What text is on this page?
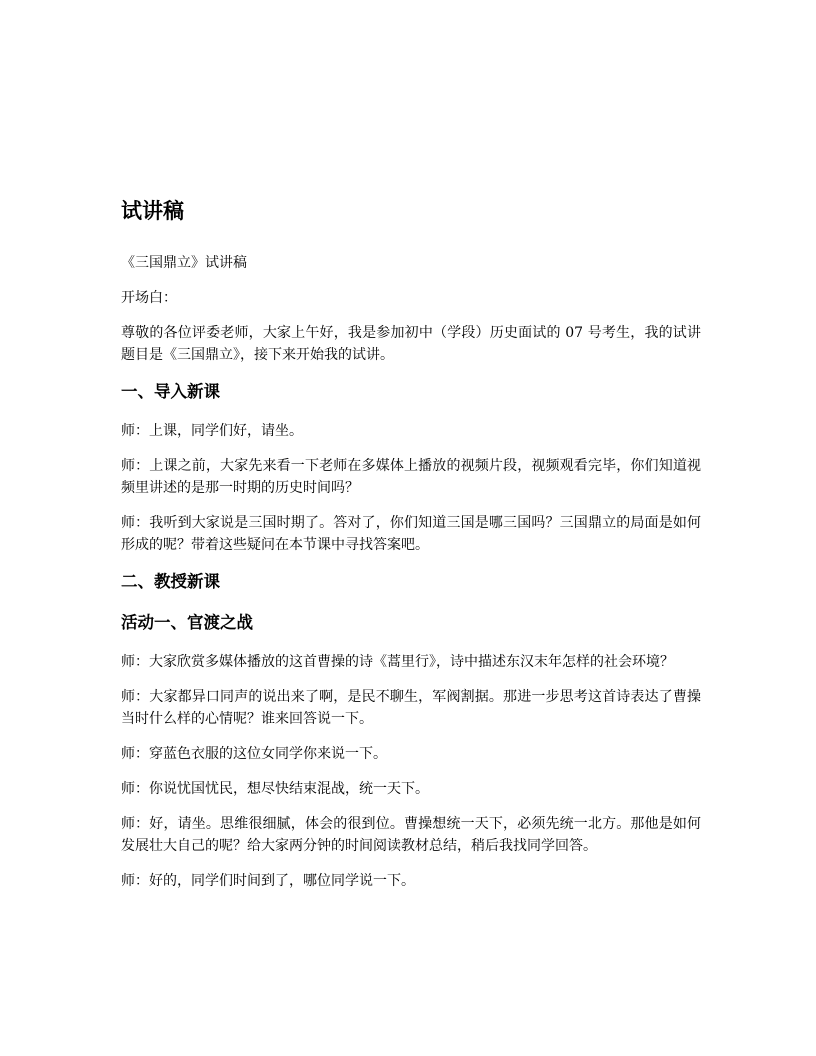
试讲稿

《三国鼎立》试讲稿

开场白：

尊敬的各位评委老师，大家上午好，我是参加初中（学段）历史面试的 07 号考生，我的试讲题目是《三国鼎立》，接下来开始我的试讲。

一、导入新课

师：上课，同学们好，请坐。

师：上课之前，大家先来看一下老师在多媒体上播放的视频片段，视频观看完毕，你们知道视频里讲述的是那一时期的历史时间吗？

师：我听到大家说是三国时期了。答对了，你们知道三国是哪三国吗？三国鼎立的局面是如何形成的呢？带着这些疑问在本节课中寻找答案吧。

二、教授新课
活动一、官渡之战

师：大家欣赏多媒体播放的这首曹操的诗《蒿里行》，诗中描述东汉末年怎样的社会环境？

师：大家都异口同声的说出来了啊，是民不聊生，军阀割据。那进一步思考这首诗表达了曹操当时什么样的心情呢？谁来回答说一下。

师：穿蓝色衣服的这位女同学你来说一下。

师：你说忧国忧民，想尽快结束混战，统一天下。

师：好，请坐。思维很细腻，体会的很到位。曹操想统一天下，必须先统一北方。那他是如何发展壮大自己的呢？给大家两分钟的时间阅读教材总结，稍后我找同学回答。

师：好的，同学们时间到了，哪位同学说一下。
